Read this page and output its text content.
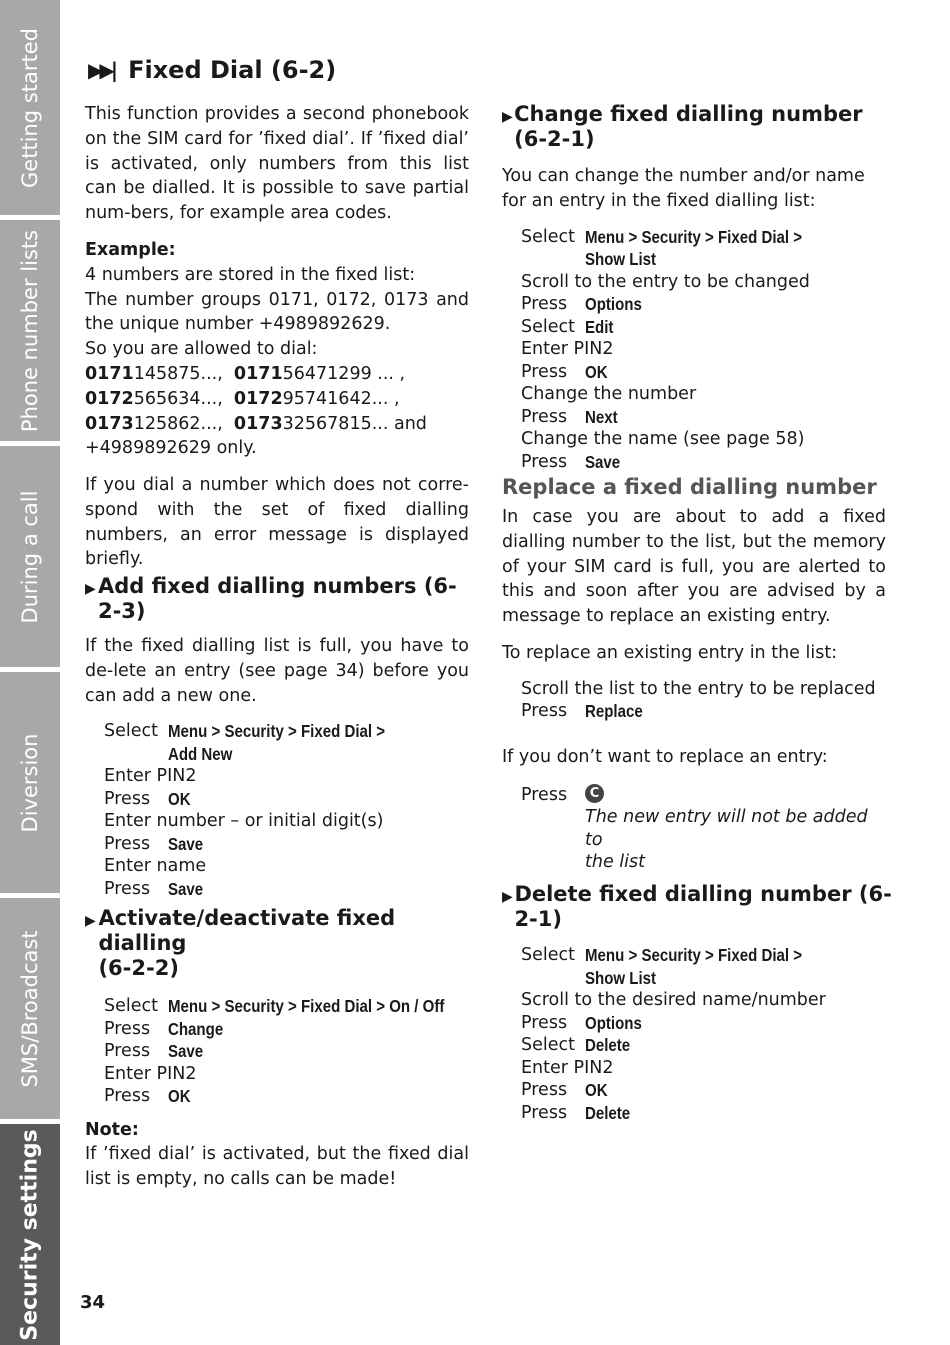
Getting started
Phone number lists
During a call
Diversion
SMS/Broadcast
Security settings 34
▶▶| Fixed Dial (6-2)

This function provides a second phonebook on the SIM card for ’fixed dial’. If ’fixed dial’ is activated, only numbers from this list can be dialled. It is possible to save partial num-bers, for example area codes.

Example:
4 numbers are stored in the fixed list:

The number groups 0171, 0172, 0173 and the unique number +4989892629.

So you are allowed to dial:
0171145875..., 017156471299 ... ,
0172565634..., 017295741642... ,
0173125862..., 017332567815... and
+4989892629 only.

If you dial a number which does not corre-spond with the set of fixed dialling numbers, an error message is displayed briefly.

▶ Add fixed dialling numbers (6-2-3)

If the fixed dialling list is full, you have to de-lete an entry (see page 34) before you can add a new one.

Select Menu > Security > Fixed Dial >
Add New
Enter PIN2
Press	OK
Enter number – or initial digit(s)
Press	Save
Enter name
Press	Save
▶ Activate/deactivate fixed dialling
(6-2-2)
Select Menu > Security > Fixed Dial > On / Off
Press	Change
Press	Save
Enter PIN2
Press	OK
Note:

If ’fixed dial’ is activated, but the fixed dial list is empty, no calls can be made!

▶ Change fixed dialling number (6-2-1)

You can change the number and/or name for an entry in the fixed dialling list:

Select Menu > Security > Fixed Dial >
Show List
Scroll to the entry to be changed
Press	Options
Select Edit
Enter PIN2
Press	OK
Change the number
Press	Next
Change the name (see page 58)
Press	Save
Replace a fixed dialling number

In case you are about to add a fixed dialling number to the list, but the memory of your SIM card is full, you are alerted to this and soon after you are advised by a message to replace an existing entry.

To replace an existing entry in the list:

Scroll the list to the entry to be replaced
Press	Replace

If you don’t want to replace an entry:

Press	C
The new entry will not be added to
the list
▶ Delete fixed dialling number (6-2-1)
Select Menu > Security > Fixed Dial >
Show List
Scroll to the desired name/number
Press	Options
Select Delete
Enter PIN2
Press	OK
Press	Delete
